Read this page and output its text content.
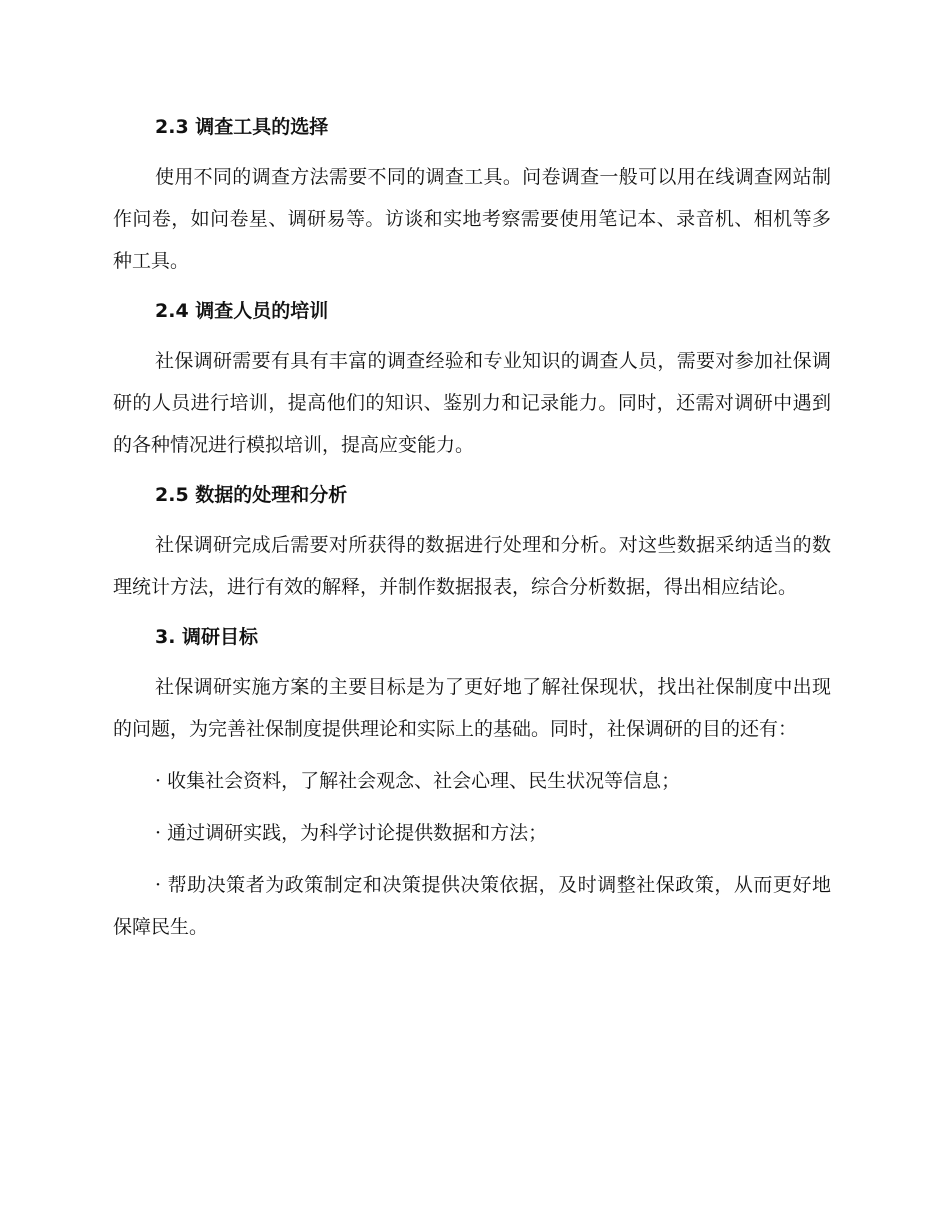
2.3 调查工具的选择

使用不同的调查方法需要不同的调查工具。问卷调查一般可以用在线调查网站制作问卷，如问卷星、调研易等。访谈和实地考察需要使用笔记本、录音机、相机等多种工具。

2.4 调查人员的培训

社保调研需要有具有丰富的调查经验和专业知识的调查人员，需要对参加社保调研的人员进行培训，提高他们的知识、鉴别力和记录能力。同时，还需对调研中遇到的各种情况进行模拟培训，提高应变能力。

2.5 数据的处理和分析

社保调研完成后需要对所获得的数据进行处理和分析。对这些数据采纳适当的数理统计方法，进行有效的解释，并制作数据报表，综合分析数据，得出相应结论。

3. 调研目标

社保调研实施方案的主要目标是为了更好地了解社保现状，找出社保制度中出现的问题，为完善社保制度提供理论和实际上的基础。同时，社保调研的目的还有：

· 收集社会资料，了解社会观念、社会心理、民生状况等信息；

· 通过调研实践，为科学讨论提供数据和方法；

· 帮助决策者为政策制定和决策提供决策依据，及时调整社保政策，从而更好地保障民生。
